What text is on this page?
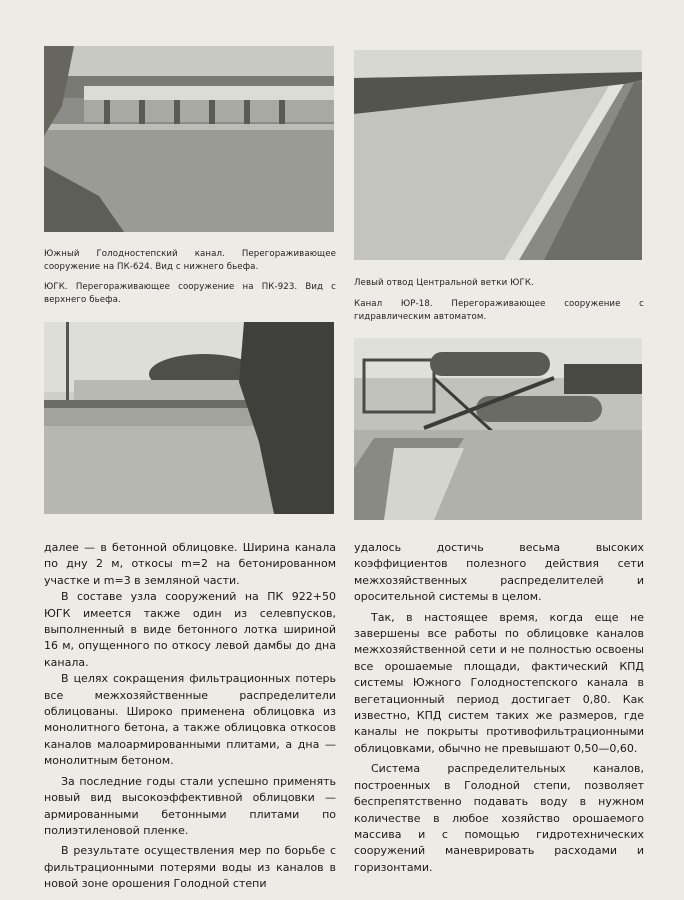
Южный Голодностепский канал. Перегораживающее сооружение на ПК-624. Вид с нижнего бьефа.

ЮГК. Перегораживающее сооружение на ПК-923. Вид с верхнего бьефа.

Левый отвод Центральной ветки ЮГК.

Канал ЮР-18. Перегораживающее сооружение с гидравлическим автоматом.

далее — в бетонной облицовке. Ширина канала по дну 2 м, откосы m=2 на бетонированном участке и m=3 в земляной части.

В составе узла сооружений на ПК 922+50 ЮГК имеется также один из селевпусков, выполненный в виде бетонного лотка шириной 16 м, опущенного по откосу левой дамбы до дна канала.

В целях сокращения фильтрационных потерь все межхозяйственные распределители облицованы. Широко применена облицовка из монолитного бетона, а также облицовка откосов каналов малоармированными плитами, а дна — монолитным бетоном.

За последние годы стали успешно применять новый вид высокоэффективной облицовки — армированными бетонными плитами по полиэтиленовой пленке.

В результате осуществления мер по борьбе с фильтрационными потерями воды из каналов в новой зоне орошения Голодной степи

удалось достичь весьма высоких коэффициентов полезного действия сети межхозяйственных распределителей и оросительной системы в целом.

Так, в настоящее время, когда еще не завершены все работы по облицовке каналов межхозяйственной сети и не полностью освоены все орошаемые площади, фактический КПД системы Южного Голодностепского канала в вегетационный период достигает 0,80. Как известно, КПД систем таких же размеров, где каналы не покрыты противофильтрационными облицовками, обычно не превышают 0,50—0,60.

Система распределительных каналов, построенных в Голодной степи, позволяет беспрепятственно подавать воду в нужном количестве в любое хозяйство орошаемого массива и с помощью гидротехнических сооружений маневрировать расходами и горизонтами.
